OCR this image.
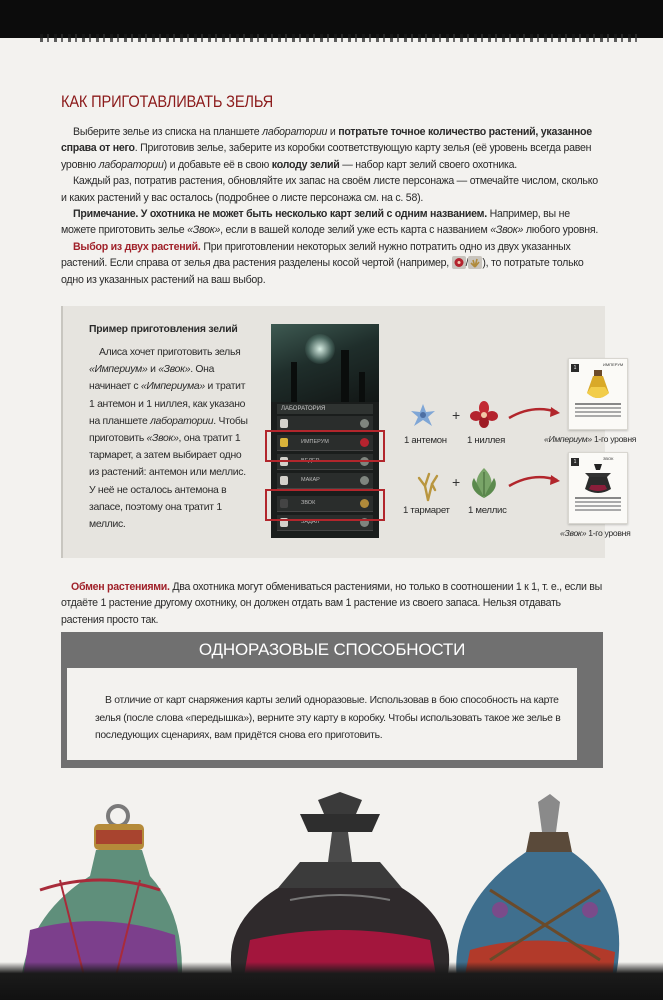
КАК ПРИГОТАВЛИВАТЬ ЗЕЛЬЯ

Выберите зелье из списка на планшете лаборатории и потратьте точное количество растений, указанное справа от него. Приготовив зелье, заберите из коробки соответствующую карту зелья (её уровень всегда равен уровню лаборатории) и добавьте её в свою колоду зелий — набор карт зелий своего охотника.

Каждый раз, потратив растения, обновляйте их запас на своём листе персонажа — отмечайте числом, сколько и каких растений у вас осталось (подробнее о листе персонажа см. на с. 58).

Примечание. У охотника не может быть несколько карт зелий с одним названием. Например, вы не можете приготовить зелье «Звок», если в вашей колоде зелий уже есть карта с названием «Звок» любого уровня.

Выбор из двух растений. При приготовлении некоторых зелий нужно потратить одно из двух указанных растений. Если справа от зелья два растения разделены косой чертой (например, / ), то потратьте только одно из указанных растений на ваш выбор.

Пример приготовления зелий
Алиса хочет приготовить зелья «Империум» и «Звок». Она начинает с «Империума» и тратит 1 антемон и 1 ниллея, как указано на планшете лаборатории. Чтобы приготовить «Звок», она тратит 1 тармарет, а затем выбирает одно из растений: антемон или меллис. У неё не осталось антемона в запасе, поэтому она тратит 1 меллис.
ЛАБОРАТОРИЯ
ИМПЕРУМ
ВЕДЕР
МАКАР
ЗВОК
ЗАДАЛ
1 антемон
+
1 ниллея
1 тармарет
+
1 меллис
1
ИМПЕРУМ
«Империум» 1-го уровня
1
ЗВОК
«Звок» 1-го уровня
Обмен растениями. Два охотника могут обмениваться растениями, но только в соотношении 1 к 1, т. е., если вы отдаёте 1 растение другому охотнику, он должен отдать вам 1 растение из своего запаса. Нельзя отдавать растения просто так.
ОДНОРАЗОВЫЕ СПОСОБНОСТИ

В отличие от карт снаряжения карты зелий одноразовые. Использовав в бою способность на карте зелья (после слова «передышка»), верните эту карту в коробку. Чтобы использовать такое же зелье в последующих сценариях, вам придётся снова его приготовить.
